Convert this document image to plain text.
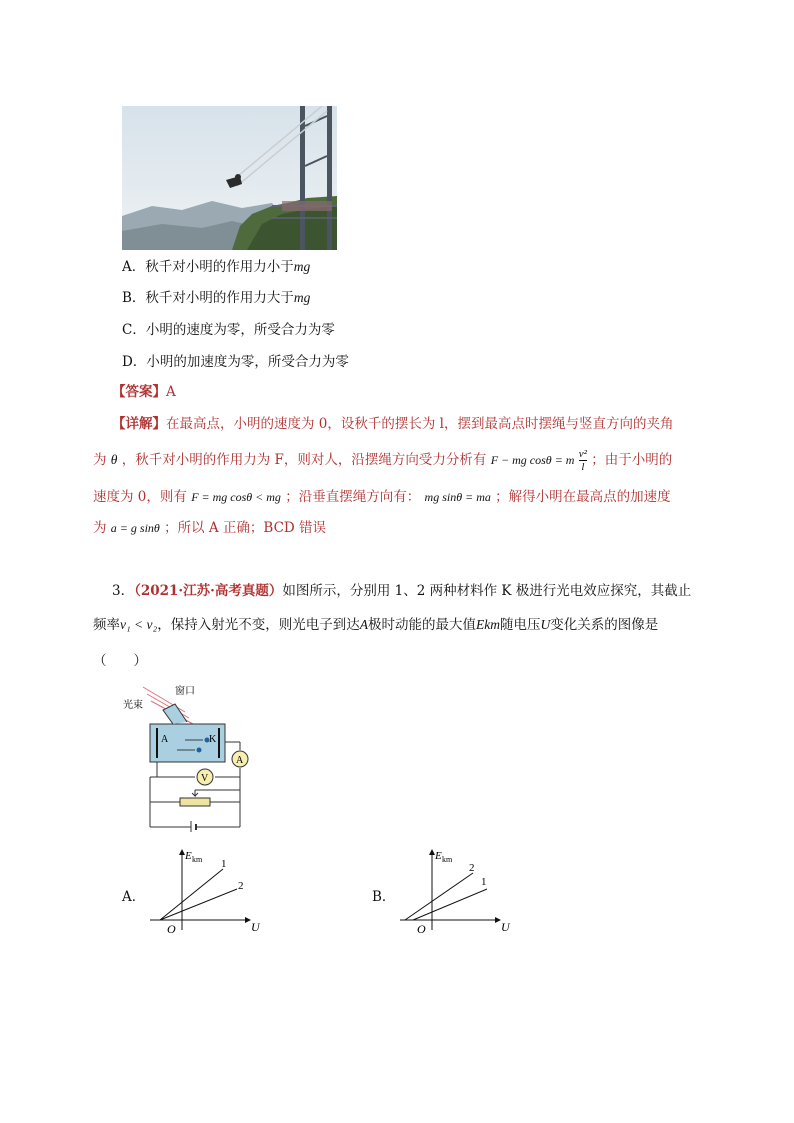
A．秋千对小明的作用力小于mg
B．秋千对小明的作用力大于mg
C．小明的速度为零，所受合力为零
D．小明的加速度为零，所受合力为零
【答案】A
【详解】在最高点，小明的速度为 0，设秋千的摆长为 l，摆到最高点时摆绳与竖直方向的夹角
为 θ ，秋千对小明的作用力为 F，则对人，沿摆绳方向受力分析有 F − mg cosθ = m $\frac{\text{v²}}{l}$ ；由于小明的
速度为 0，则有 F = mg cosθ < mg ；沿垂直摆绳方向有： mg sinθ = ma ；解得小明在最高点的加速度
为 a = g sinθ ；所以 A 正确；BCD 错误
3．（2021·江苏·高考真题）如图所示，分别用 1、2 两种材料作 K 极进行光电效应探究，其截止
频率ν₁ < ν₂，保持入射光不变，则光电子到达A极时动能的最大值Ekm随电压U变化关系的图像是
（　　）
光束
窗口
A	K
V
A
A．
E km
U
O
1
2
B．
E km
U
O
2
1
